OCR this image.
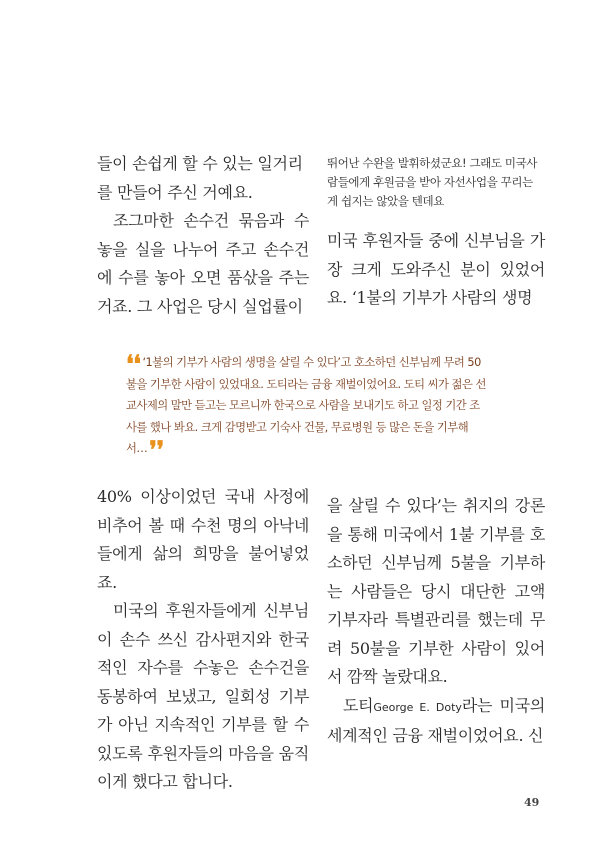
들이 손쉽게 할 수 있는 일거리

를 만들어 주신 거예요.

조그마한 손수건 묶음과 수놓을 실을 나누어 주고 손수건에 수를 놓아 오면 품삯을 주는 거죠. 그 사업은 당시 실업률이

뛰어난 수완을 발휘하셨군요! 그래도 미국사람들에게 후원금을 받아 자선사업을 꾸리는 게 쉽지는 않았을 텐데요

미국 후원자들 중에 신부님을 가장 크게 도와주신 분이 있었어요. ‘1불의 기부가 사람의 생명

❛❛ ‘1불의 기부가 사람의 생명을 살릴 수 있다’고 호소하던 신부님께 무려 50불을 기부한 사람이 있었대요. 도티라는 금융 재벌이었어요. 도티 씨가 젊은 선교사제의 말만 듣고는 모르니까 한국으로 사람을 보내기도 하고 일정 기간 조사를 했나 봐요. 크게 감명받고 기숙사 건물, 무료병원 등 많은 돈을 기부해서…❜❜

40% 이상이었던 국내 사정에 비추어 볼 때 수천 명의 아낙네들에게 삶의 희망을 불어넣었죠.

미국의 후원자들에게 신부님이 손수 쓰신 감사편지와 한국적인 자수를 수놓은 손수건을 동봉하여 보냈고, 일회성 기부가 아닌 지속적인 기부를 할 수 있도록 후원자들의 마음을 움직이게 했다고 합니다.

을 살릴 수 있다’는 취지의 강론을 통해 미국에서 1불 기부를 호소하던 신부님께 5불을 기부하는 사람들은 당시 대단한 고액 기부자라 특별관리를 했는데 무려 50불을 기부한 사람이 있어서 깜짝 놀랐대요.

도티George E. Doty라는 미국의 세계적인 금융 재벌이었어요. 신

49
